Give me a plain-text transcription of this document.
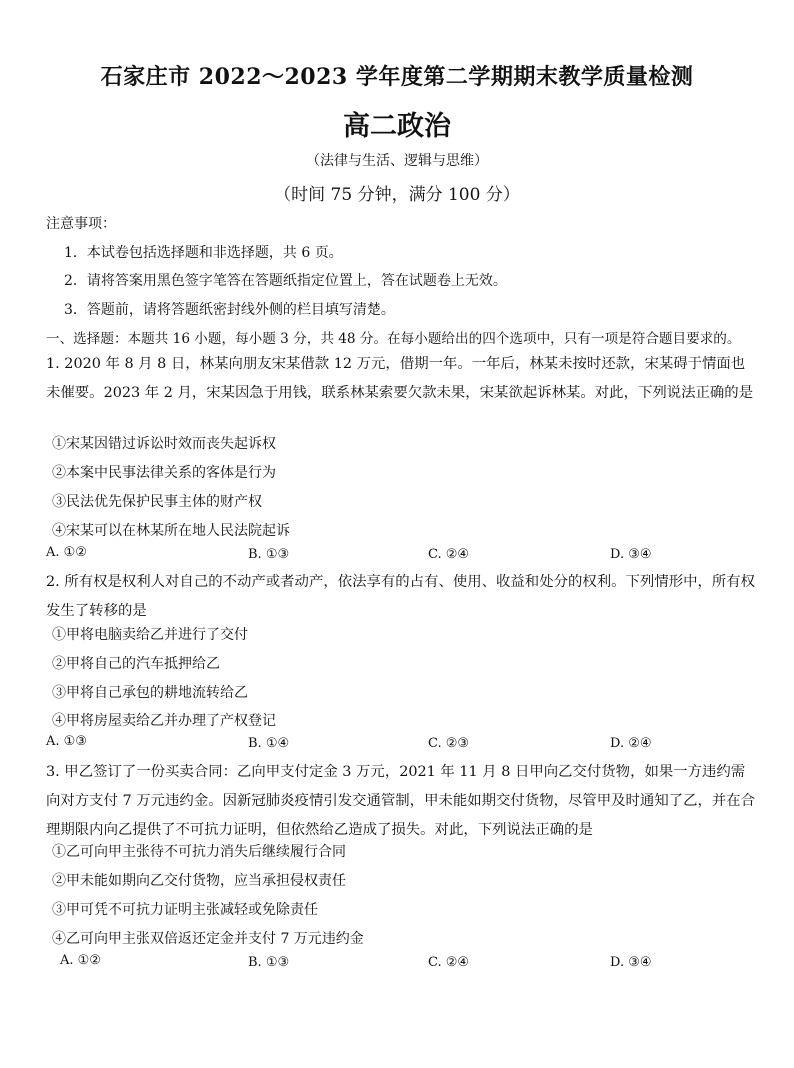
石家庄市 2022～2023 学年度第二学期期末教学质量检测
高二政治
（法律与生活、逻辑与思维）
（时间 75 分钟，满分 100 分）
注意事项：
1．本试卷包括选择题和非选择题，共 6 页。
2．请将答案用黑色签字笔答在答题纸指定位置上，答在试题卷上无效。
3．答题前，请将答题纸密封线外侧的栏目填写清楚。
一、选择题：本题共 16 小题，每小题 3 分，共 48 分。在每小题给出的四个选项中，只有一项是符合题目要求的。
1. 2020 年 8 月 8 日，林某向朋友宋某借款 12 万元，借期一年。一年后，林某未按时还款，宋某碍于情面也未催要。2023 年 2 月，宋某因急于用钱，联系林某索要欠款未果，宋某欲起诉林某。对此，下列说法正确的是
①宋某因错过诉讼时效而丧失起诉权
②本案中民事法律关系的客体是行为
③民法优先保护民事主体的财产权
④宋某可以在林某所在地人民法院起诉
A. ①②	B. ①③	C. ②④	D. ③④
2. 所有权是权利人对自己的不动产或者动产，依法享有的占有、使用、收益和处分的权利。下列情形中，所有权发生了转移的是
①甲将电脑卖给乙并进行了交付
②甲将自己的汽车抵押给乙
③甲将自己承包的耕地流转给乙
④甲将房屋卖给乙并办理了产权登记
A. ①③	B. ①④	C. ②③	D. ②④
3. 甲乙签订了一份买卖合同：乙向甲支付定金 3 万元，2021 年 11 月 8 日甲向乙交付货物，如果一方违约需向对方支付 7 万元违约金。因新冠肺炎疫情引发交通管制，甲未能如期交付货物，尽管甲及时通知了乙，并在合理期限内向乙提供了不可抗力证明，但依然给乙造成了损失。对此，下列说法正确的是
①乙可向甲主张待不可抗力消失后继续履行合同
②甲未能如期向乙交付货物，应当承担侵权责任
③甲可凭不可抗力证明主张减轻或免除责任
④乙可向甲主张双倍返还定金并支付 7 万元违约金
A. ①②	B. ①③	C. ②④	D. ③④
